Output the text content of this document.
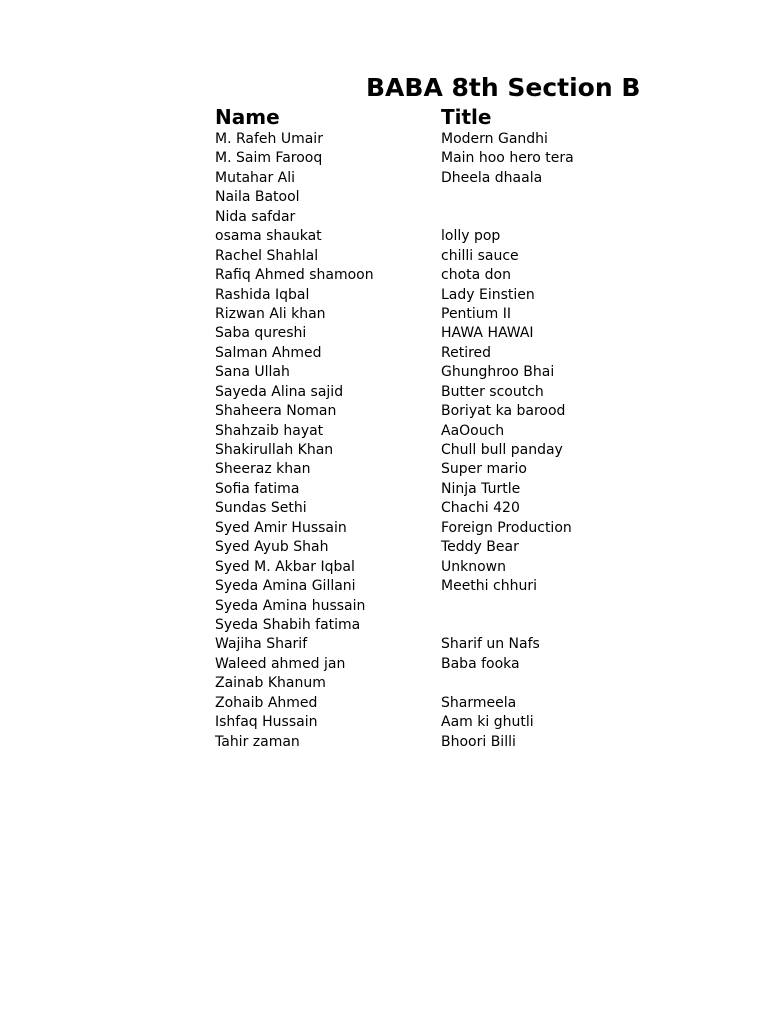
BABA 8th Section B
Name	Title
M. Rafeh Umair	Modern Gandhi
M. Saim Farooq	Main hoo hero tera
Mutahar Ali	Dheela dhaala
Naila Batool
Nida safdar
osama shaukat	lolly pop
Rachel Shahlal	chilli sauce
Rafiq Ahmed shamoon	chota don
Rashida Iqbal	Lady Einstien
Rizwan Ali khan	Pentium II
Saba qureshi	HAWA HAWAI
Salman Ahmed	Retired
Sana Ullah	Ghunghroo Bhai
Sayeda Alina sajid	Butter scoutch
Shaheera Noman	Boriyat ka barood
Shahzaib hayat	AaOouch
Shakirullah Khan	Chull bull panday
Sheeraz khan	Super mario
Sofia fatima	Ninja Turtle
Sundas Sethi	Chachi 420
Syed Amir Hussain	Foreign Production
Syed Ayub Shah	Teddy Bear
Syed M. Akbar Iqbal	Unknown
Syeda Amina Gillani	Meethi chhuri
Syeda Amina hussain
Syeda Shabih fatima
Wajiha Sharif	Sharif un Nafs
Waleed ahmed jan	Baba fooka
Zainab Khanum
Zohaib Ahmed	Sharmeela
Ishfaq Hussain	Aam ki ghutli
Tahir zaman	Bhoori Billi
